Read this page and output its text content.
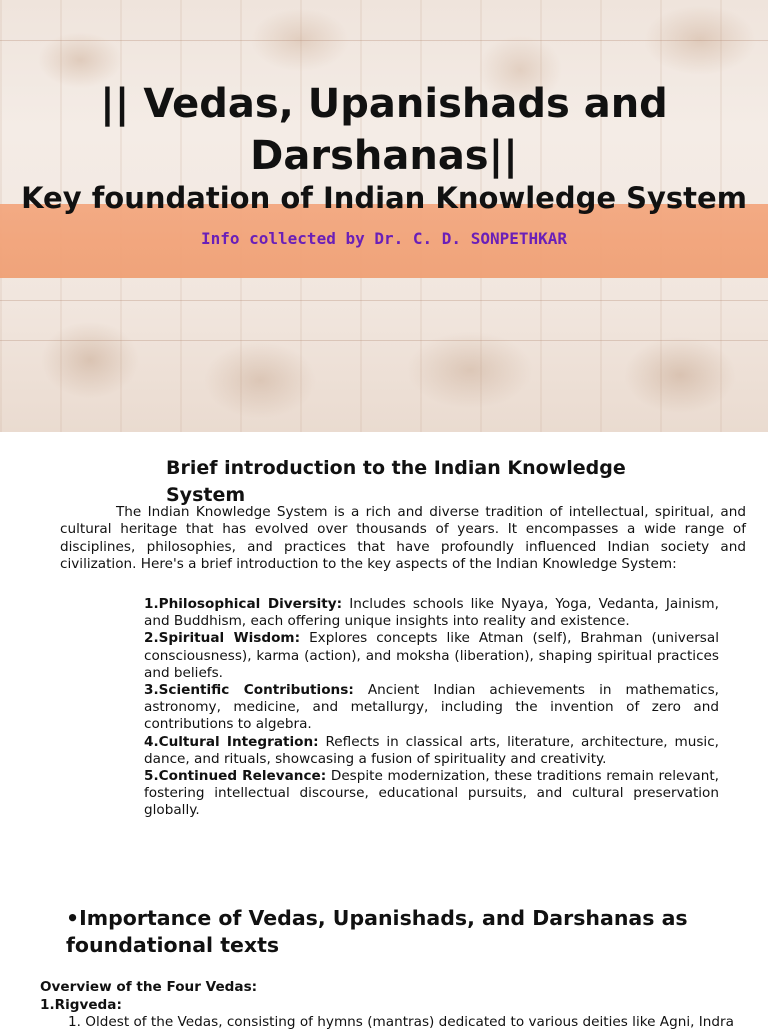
|| Vedas, Upanishads and Darshanas||
Key foundation of Indian Knowledge System
Info collected by Dr. C. D. SONPETHKAR
Brief introduction to the Indian Knowledge System

The Indian Knowledge System is a rich and diverse tradition of intellectual, spiritual, and cultural heritage that has evolved over thousands of years. It encompasses a wide range of disciplines, philosophies, and practices that have profoundly influenced Indian society and civilization. Here's a brief introduction to the key aspects of the Indian Knowledge System:

1.Philosophical Diversity: Includes schools like Nyaya, Yoga, Vedanta, Jainism, and Buddhism, each offering unique insights into reality and existence.
2.Spiritual Wisdom: Explores concepts like Atman (self), Brahman (universal consciousness), karma (action), and moksha (liberation), shaping spiritual practices and beliefs.
3.Scientific Contributions: Ancient Indian achievements in mathematics, astronomy, medicine, and metallurgy, including the invention of zero and contributions to algebra.
4.Cultural Integration: Reflects in classical arts, literature, architecture, music, dance, and rituals, showcasing a fusion of spirituality and creativity.
5.Continued Relevance: Despite modernization, these traditions remain relevant, fostering intellectual discourse, educational pursuits, and cultural preservation globally.
•Importance of Vedas, Upanishads, and Darshanas as foundational texts
Overview of the Four Vedas:
1.Rigveda:
1. Oldest of the Vedas, consisting of hymns (mantras) dedicated to various deities like Agni, Indra
